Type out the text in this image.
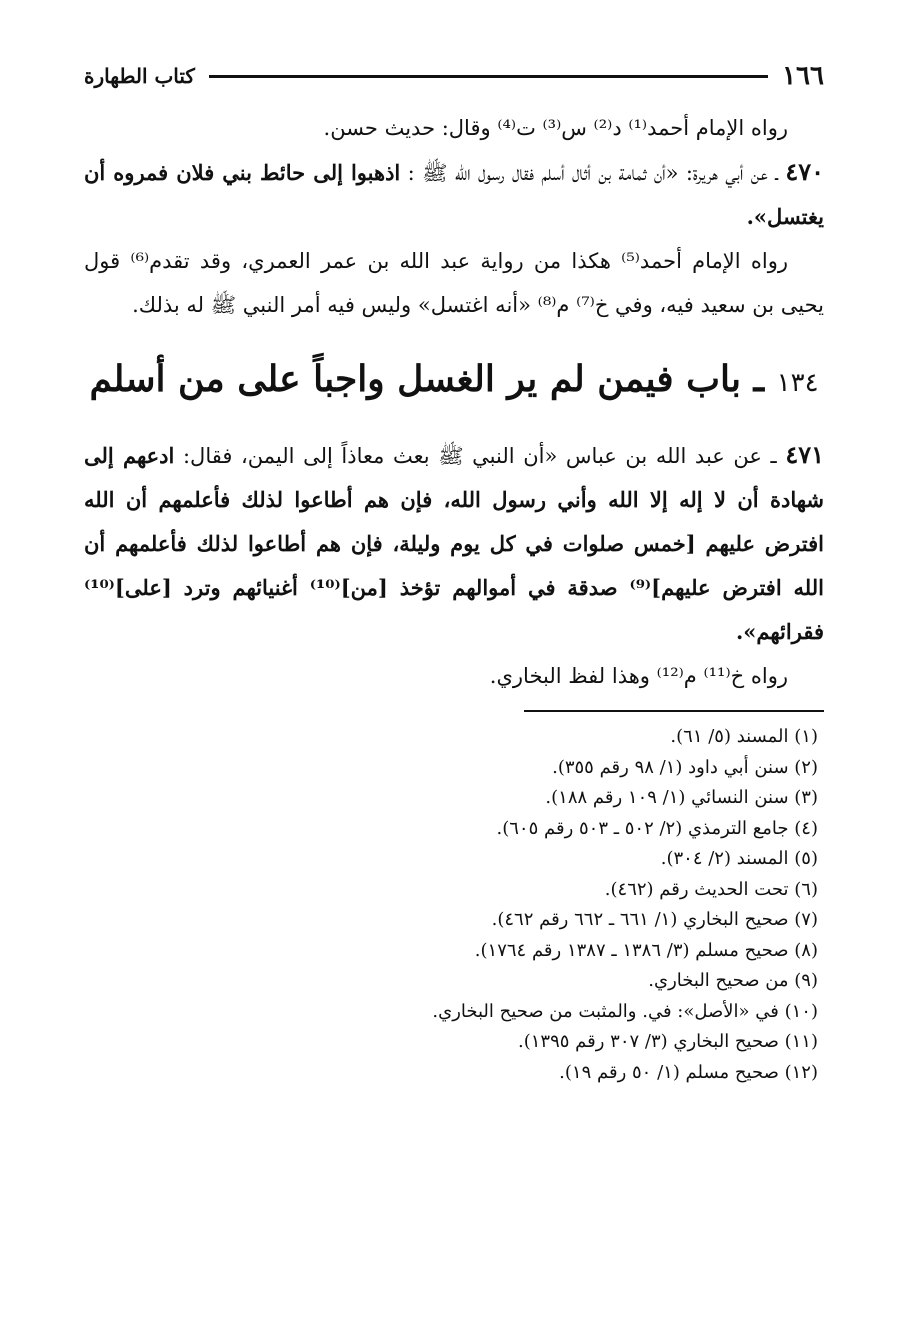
١٦٦
كتاب الطهارة

رواه الإمام أحمد⁽¹⁾ د⁽²⁾ س⁽³⁾ ت⁽⁴⁾ وقال: حديث حسن.

٤٧٠ ـ عن أبي هريرة: «أن ثمامة بن أثال أسلم فقال رسول الله ﷺ : اذهبوا إلى حائط بني فلان فمروه أن يغتسل».

رواه الإمام أحمد⁽⁵⁾ هكذا من رواية عبد الله بن عمر العمري، وقد تقدم⁽⁶⁾ قول يحيى بن سعيد فيه، وفي خ⁽⁷⁾ م⁽⁸⁾ «أنه اغتسل» وليس فيه أمر النبي ﷺ له بذلك.

١٣٤ ـ باب فيمن لم ير الغسل واجباً على من أسلم

٤٧١ ـ عن عبد الله بن عباس «أن النبي ﷺ بعث معاذاً إلى اليمن، فقال: ادعهم إلى شهادة أن لا إله إلا الله وأني رسول الله، فإن هم أطاعوا لذلك فأعلمهم أن الله افترض عليهم [خمس صلوات في كل يوم وليلة، فإن هم أطاعوا لذلك فأعلمهم أن الله افترض عليهم]⁽⁹⁾ صدقة في أموالهم تؤخذ [من]⁽¹⁰⁾ أغنيائهم وترد [على]⁽¹⁰⁾ فقرائهم».

رواه خ⁽¹¹⁾ م⁽¹²⁾ وهذا لفظ البخاري.

(١) المسند (٥/ ٦١).
(٢) سنن أبي داود (١/ ٩٨ رقم ٣٥٥).
(٣) سنن النسائي (١/ ١٠٩ رقم ١٨٨).
(٤) جامع الترمذي (٢/ ٥٠٢ ـ ٥٠٣ رقم ٦٠٥).
(٥) المسند (٢/ ٣٠٤).
(٦) تحت الحديث رقم (٤٦٢).
(٧) صحيح البخاري (١/ ٦٦١ ـ ٦٦٢ رقم ٤٦٢).
(٨) صحيح مسلم (٣/ ١٣٨٦ ـ ١٣٨٧ رقم ١٧٦٤).
(٩) من صحيح البخاري.
(١٠) في «الأصل»: في. والمثبت من صحيح البخاري.
(١١) صحيح البخاري (٣/ ٣٠٧ رقم ١٣٩٥).
(١٢) صحيح مسلم (١/ ٥٠ رقم ١٩).
